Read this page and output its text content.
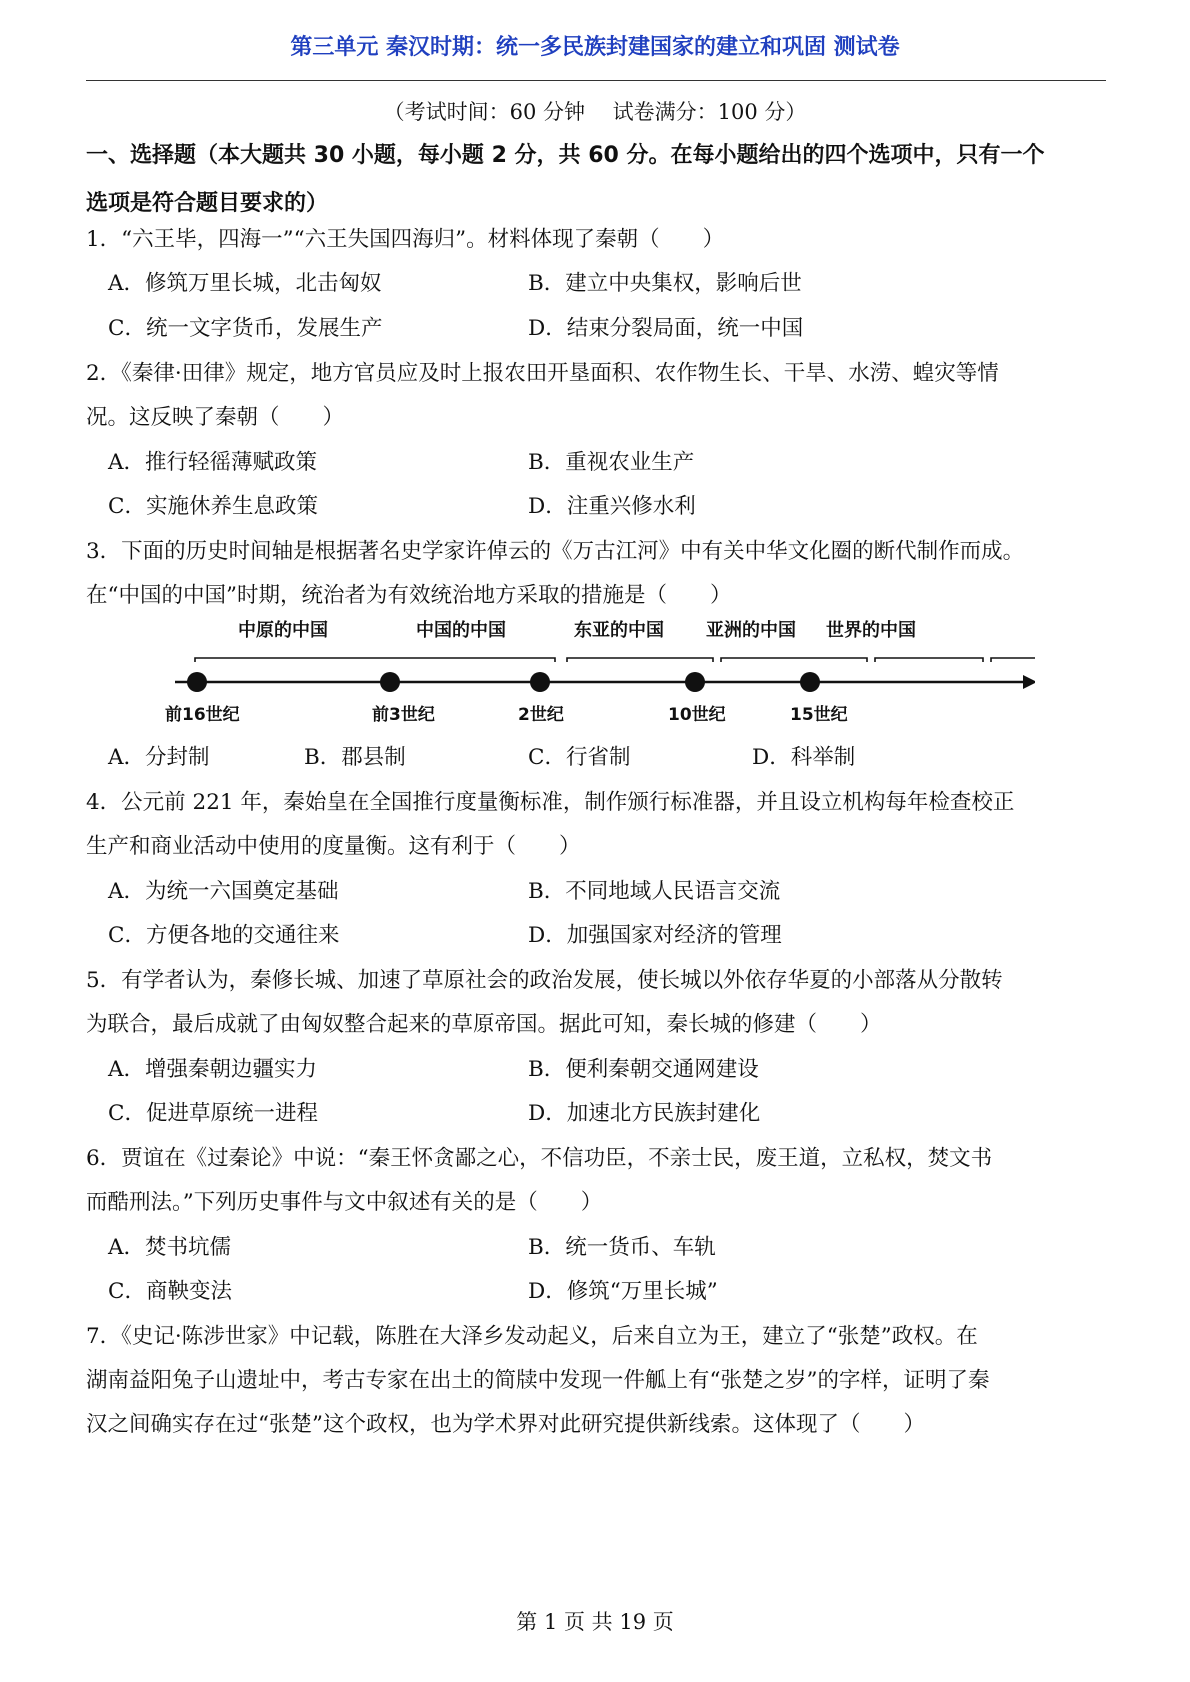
第三单元 秦汉时期：统一多民族封建国家的建立和巩固 测试卷
（考试时间：60 分钟　 试卷满分：100 分）
一、选择题（本大题共 30 小题，每小题 2 分，共 60 分。在每小题给出的四个选项中，只有一个
选项是符合题目要求的）
1．“六王毕，四海一”“六王失国四海归”。材料体现了秦朝（　　）
A．修筑万里长城，北击匈奴	B．建立中央集权，影响后世
C．统一文字货币，发展生产	D．结束分裂局面，统一中国
2．《秦律·田律》规定，地方官员应及时上报农田开垦面积、农作物生长、干旱、水涝、蝗灾等情
况。这反映了秦朝（　　）
A．推行轻徭薄赋政策	B．重视农业生产
C．实施休养生息政策	D．注重兴修水利
3．下面的历史时间轴是根据著名史学家许倬云的《万古江河》中有关中华文化圈的断代制作而成。
在“中国的中国”时期，统治者为有效统治地方采取的措施是（　　）
中原的中国	中国的中国	东亚的中国 亚洲的中国 世界的中国
前16世纪	前3世纪	2世纪	10世纪	15世纪
A．分封制	B．郡县制	C．行省制	D．科举制
4．公元前 221 年，秦始皇在全国推行度量衡标准，制作颁行标准器，并且设立机构每年检查校正
生产和商业活动中使用的度量衡。这有利于（　　）
A．为统一六国奠定基础	B．不同地域人民语言交流
C．方便各地的交通往来	D．加强国家对经济的管理
5．有学者认为，秦修长城、加速了草原社会的政治发展，使长城以外依存华夏的小部落从分散转
为联合，最后成就了由匈奴整合起来的草原帝国。据此可知，秦长城的修建（　　）
A．增强秦朝边疆实力	B．便利秦朝交通网建设
C．促进草原统一进程	D．加速北方民族封建化
6．贾谊在《过秦论》中说：“秦王怀贪鄙之心，不信功臣，不亲士民，废王道，立私权，焚文书
而酷刑法。”下列历史事件与文中叙述有关的是（　　）
A．焚书坑儒	B．统一货币、车轨
C．商鞅变法	D．修筑“万里长城”
7．《史记·陈涉世家》中记载，陈胜在大泽乡发动起义，后来自立为王，建立了“张楚”政权。在
湖南益阳兔子山遗址中，考古专家在出土的简牍中发现一件觚上有“张楚之岁”的字样，证明了秦
汉之间确实存在过“张楚”这个政权，也为学术界对此研究提供新线索。这体现了（　　）
第 1 页 共 19 页
